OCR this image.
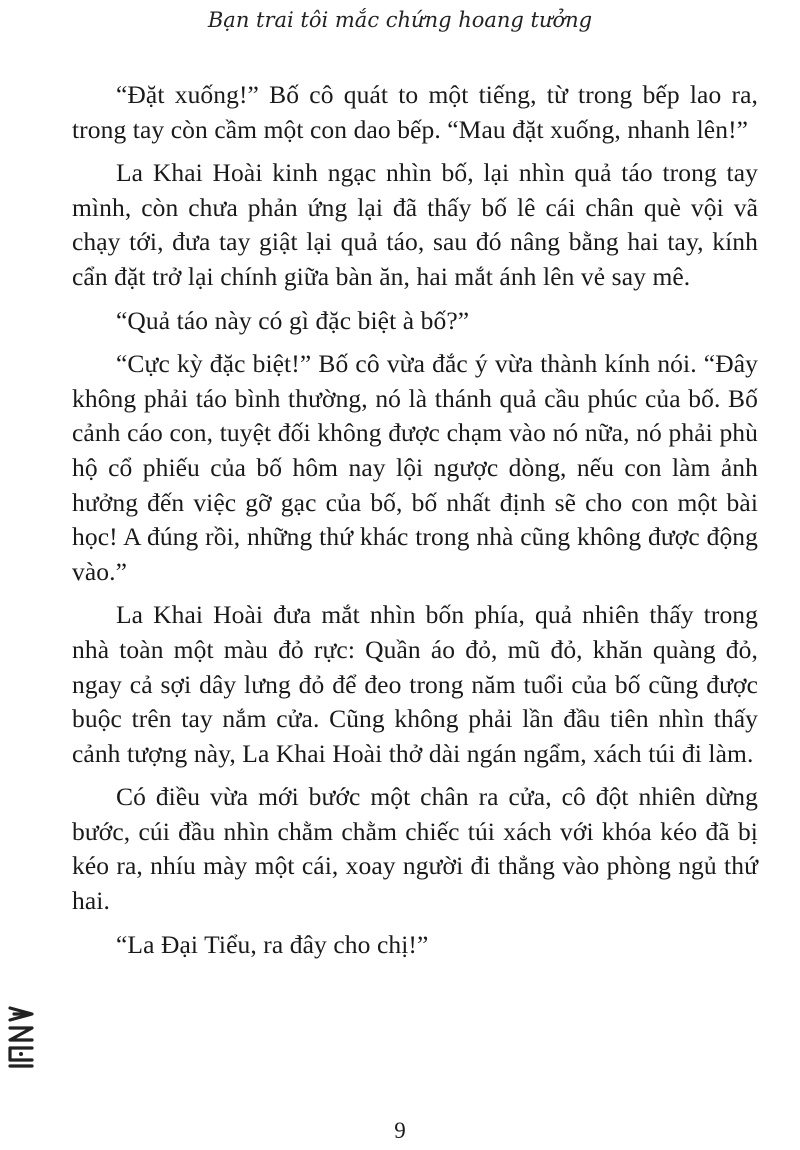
Bạn trai tôi mắc chứng hoang tưởng

“Đặt xuống!” Bố cô quát to một tiếng, từ trong bếp lao ra, trong tay còn cầm một con dao bếp. “Mau đặt xuống, nhanh lên!”

La Khai Hoài kinh ngạc nhìn bố, lại nhìn quả táo trong tay mình, còn chưa phản ứng lại đã thấy bố lê cái chân què vội vã chạy tới, đưa tay giật lại quả táo, sau đó nâng bằng hai tay, kính cẩn đặt trở lại chính giữa bàn ăn, hai mắt ánh lên vẻ say mê.

“Quả táo này có gì đặc biệt à bố?”

“Cực kỳ đặc biệt!” Bố cô vừa đắc ý vừa thành kính nói. “Đây không phải táo bình thường, nó là thánh quả cầu phúc của bố. Bố cảnh cáo con, tuyệt đối không được chạm vào nó nữa, nó phải phù hộ cổ phiếu của bố hôm nay lội ngược dòng, nếu con làm ảnh hưởng đến việc gỡ gạc của bố, bố nhất định sẽ cho con một bài học! A đúng rồi, những thứ khác trong nhà cũng không được động vào.”

La Khai Hoài đưa mắt nhìn bốn phía, quả nhiên thấy trong nhà toàn một màu đỏ rực: Quần áo đỏ, mũ đỏ, khăn quàng đỏ, ngay cả sợi dây lưng đỏ để đeo trong năm tuổi của bố cũng được buộc trên tay nắm cửa. Cũng không phải lần đầu tiên nhìn thấy cảnh tượng này, La Khai Hoài thở dài ngán ngẩm, xách túi đi làm.

Có điều vừa mới bước một chân ra cửa, cô đột nhiên dừng bước, cúi đầu nhìn chằm chằm chiếc túi xách với khóa kéo đã bị kéo ra, nhíu mày một cái, xoay người đi thẳng vào phòng ngủ thứ hai.

“La Đại Tiểu, ra đây cho chị!”

9
